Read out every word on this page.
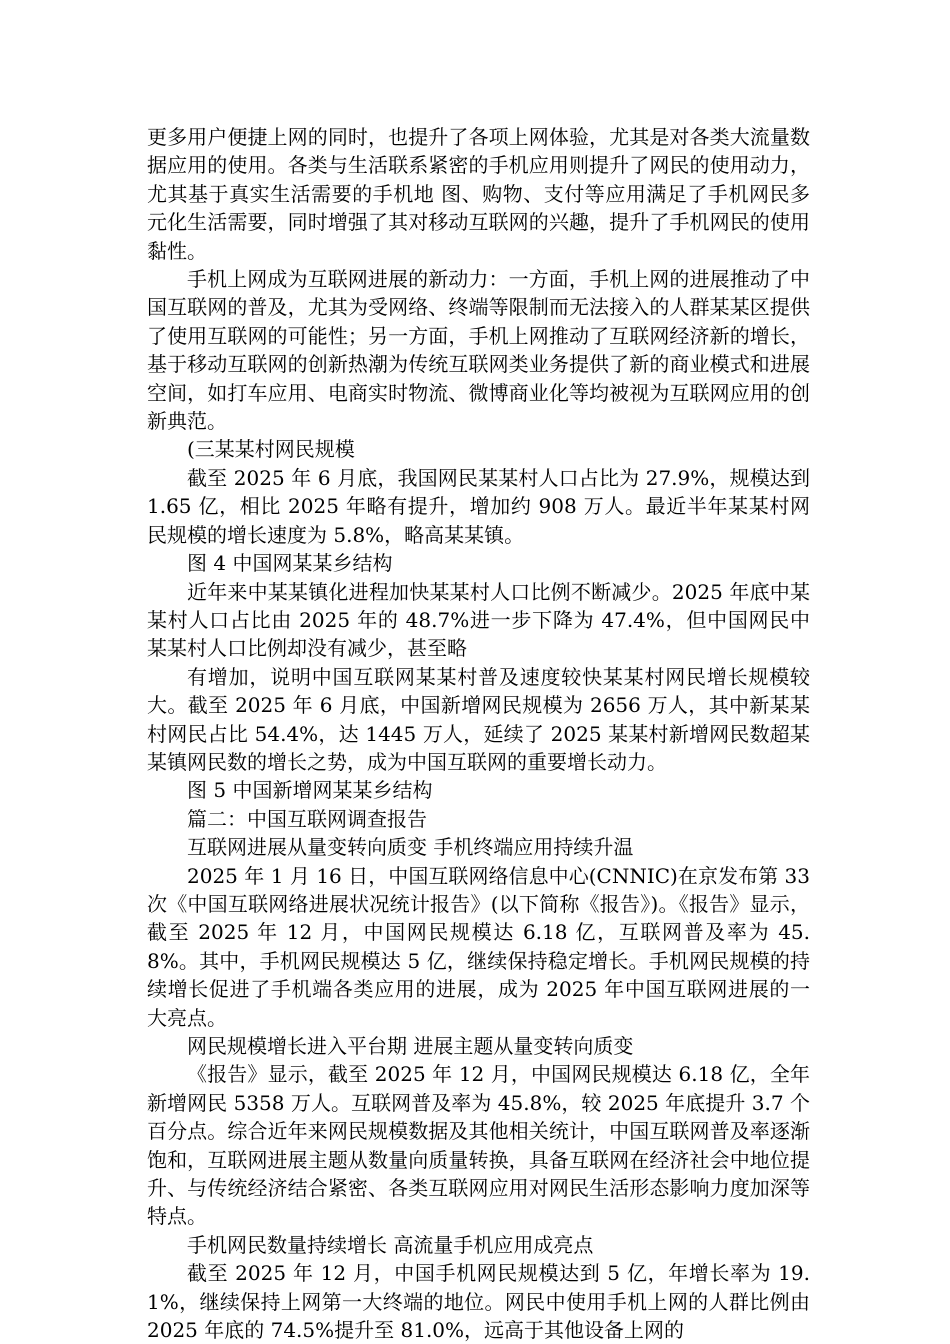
更多用户便捷上网的同时，也提升了各项上网体验，尤其是对各类大流量数据应用的使用。各类与生活联系紧密的手机应用则提升了网民的使用动力，尤其基于真实生活需要的手机地 图、购物、支付等应用满足了手机网民多元化生活需要，同时增强了其对移动互联网的兴趣，提升了手机网民的使用黏性。

手机上网成为互联网进展的新动力：一方面，手机上网的进展推动了中国互联网的普及，尤其为受网络、终端等限制而无法接入的人群某某区提供了使用互联网的可能性；另一方面，手机上网推动了互联网经济新的增长，基于移动互联网的创新热潮为传统互联网类业务提供了新的商业模式和进展空间，如打车应用、电商实时物流、微博商业化等均被视为互联网应用的创新典范。

(三某某村网民规模

截至 2025 年 6 月底，我国网民某某村人口占比为 27.9%，规模达到 1.65 亿，相比 2025 年略有提升，增加约 908 万人。最近半年某某村网民规模的增长速度为 5.8%，略高某某镇。

图 4 中国网某某乡结构

近年来中某某镇化进程加快某某村人口比例不断减少。2025 年底中某某村人口占比由 2025 年的 48.7%进一步下降为 47.4%，但中国网民中某某村人口比例却没有减少，甚至略

有增加，说明中国互联网某某村普及速度较快某某村网民增长规模较大。截至 2025 年 6 月底，中国新增网民规模为 2656 万人，其中新某某村网民占比 54.4%，达 1445 万人，延续了 2025 某某村新增网民数超某某镇网民数的增长之势，成为中国互联网的重要增长动力。

图 5 中国新增网某某乡结构

篇二：中国互联网调查报告

互联网进展从量变转向质变 手机终端应用持续升温

2025 年 1 月 16 日，中国互联网络信息中心(CNNIC)在京发布第 33 次《中国互联网络进展状况统计报告》(以下简称《报告》)。《报告》显示，截至 2025 年 12 月，中国网民规模达 6.18 亿，互联网普及率为 45.8%。其中，手机网民规模达 5 亿，继续保持稳定增长。手机网民规模的持续增长促进了手机端各类应用的进展，成为 2025 年中国互联网进展的一大亮点。

网民规模增长进入平台期 进展主题从量变转向质变

《报告》显示，截至 2025 年 12 月，中国网民规模达 6.18 亿，全年新增网民 5358 万人。互联网普及率为 45.8%，较 2025 年底提升 3.7 个百分点。综合近年来网民规模数据及其他相关统计，中国互联网普及率逐渐饱和，互联网进展主题从数量向质量转换，具备互联网在经济社会中地位提升、与传统经济结合紧密、各类互联网应用对网民生活形态影响力度加深等特点。

手机网民数量持续增长 高流量手机应用成亮点

截至 2025 年 12 月，中国手机网民规模达到 5 亿，年增长率为 19.1%，继续保持上网第一大终端的地位。网民中使用手机上网的人群比例由 2025 年底的 74.5%提升至 81.0%，远高于其他设备上网的
